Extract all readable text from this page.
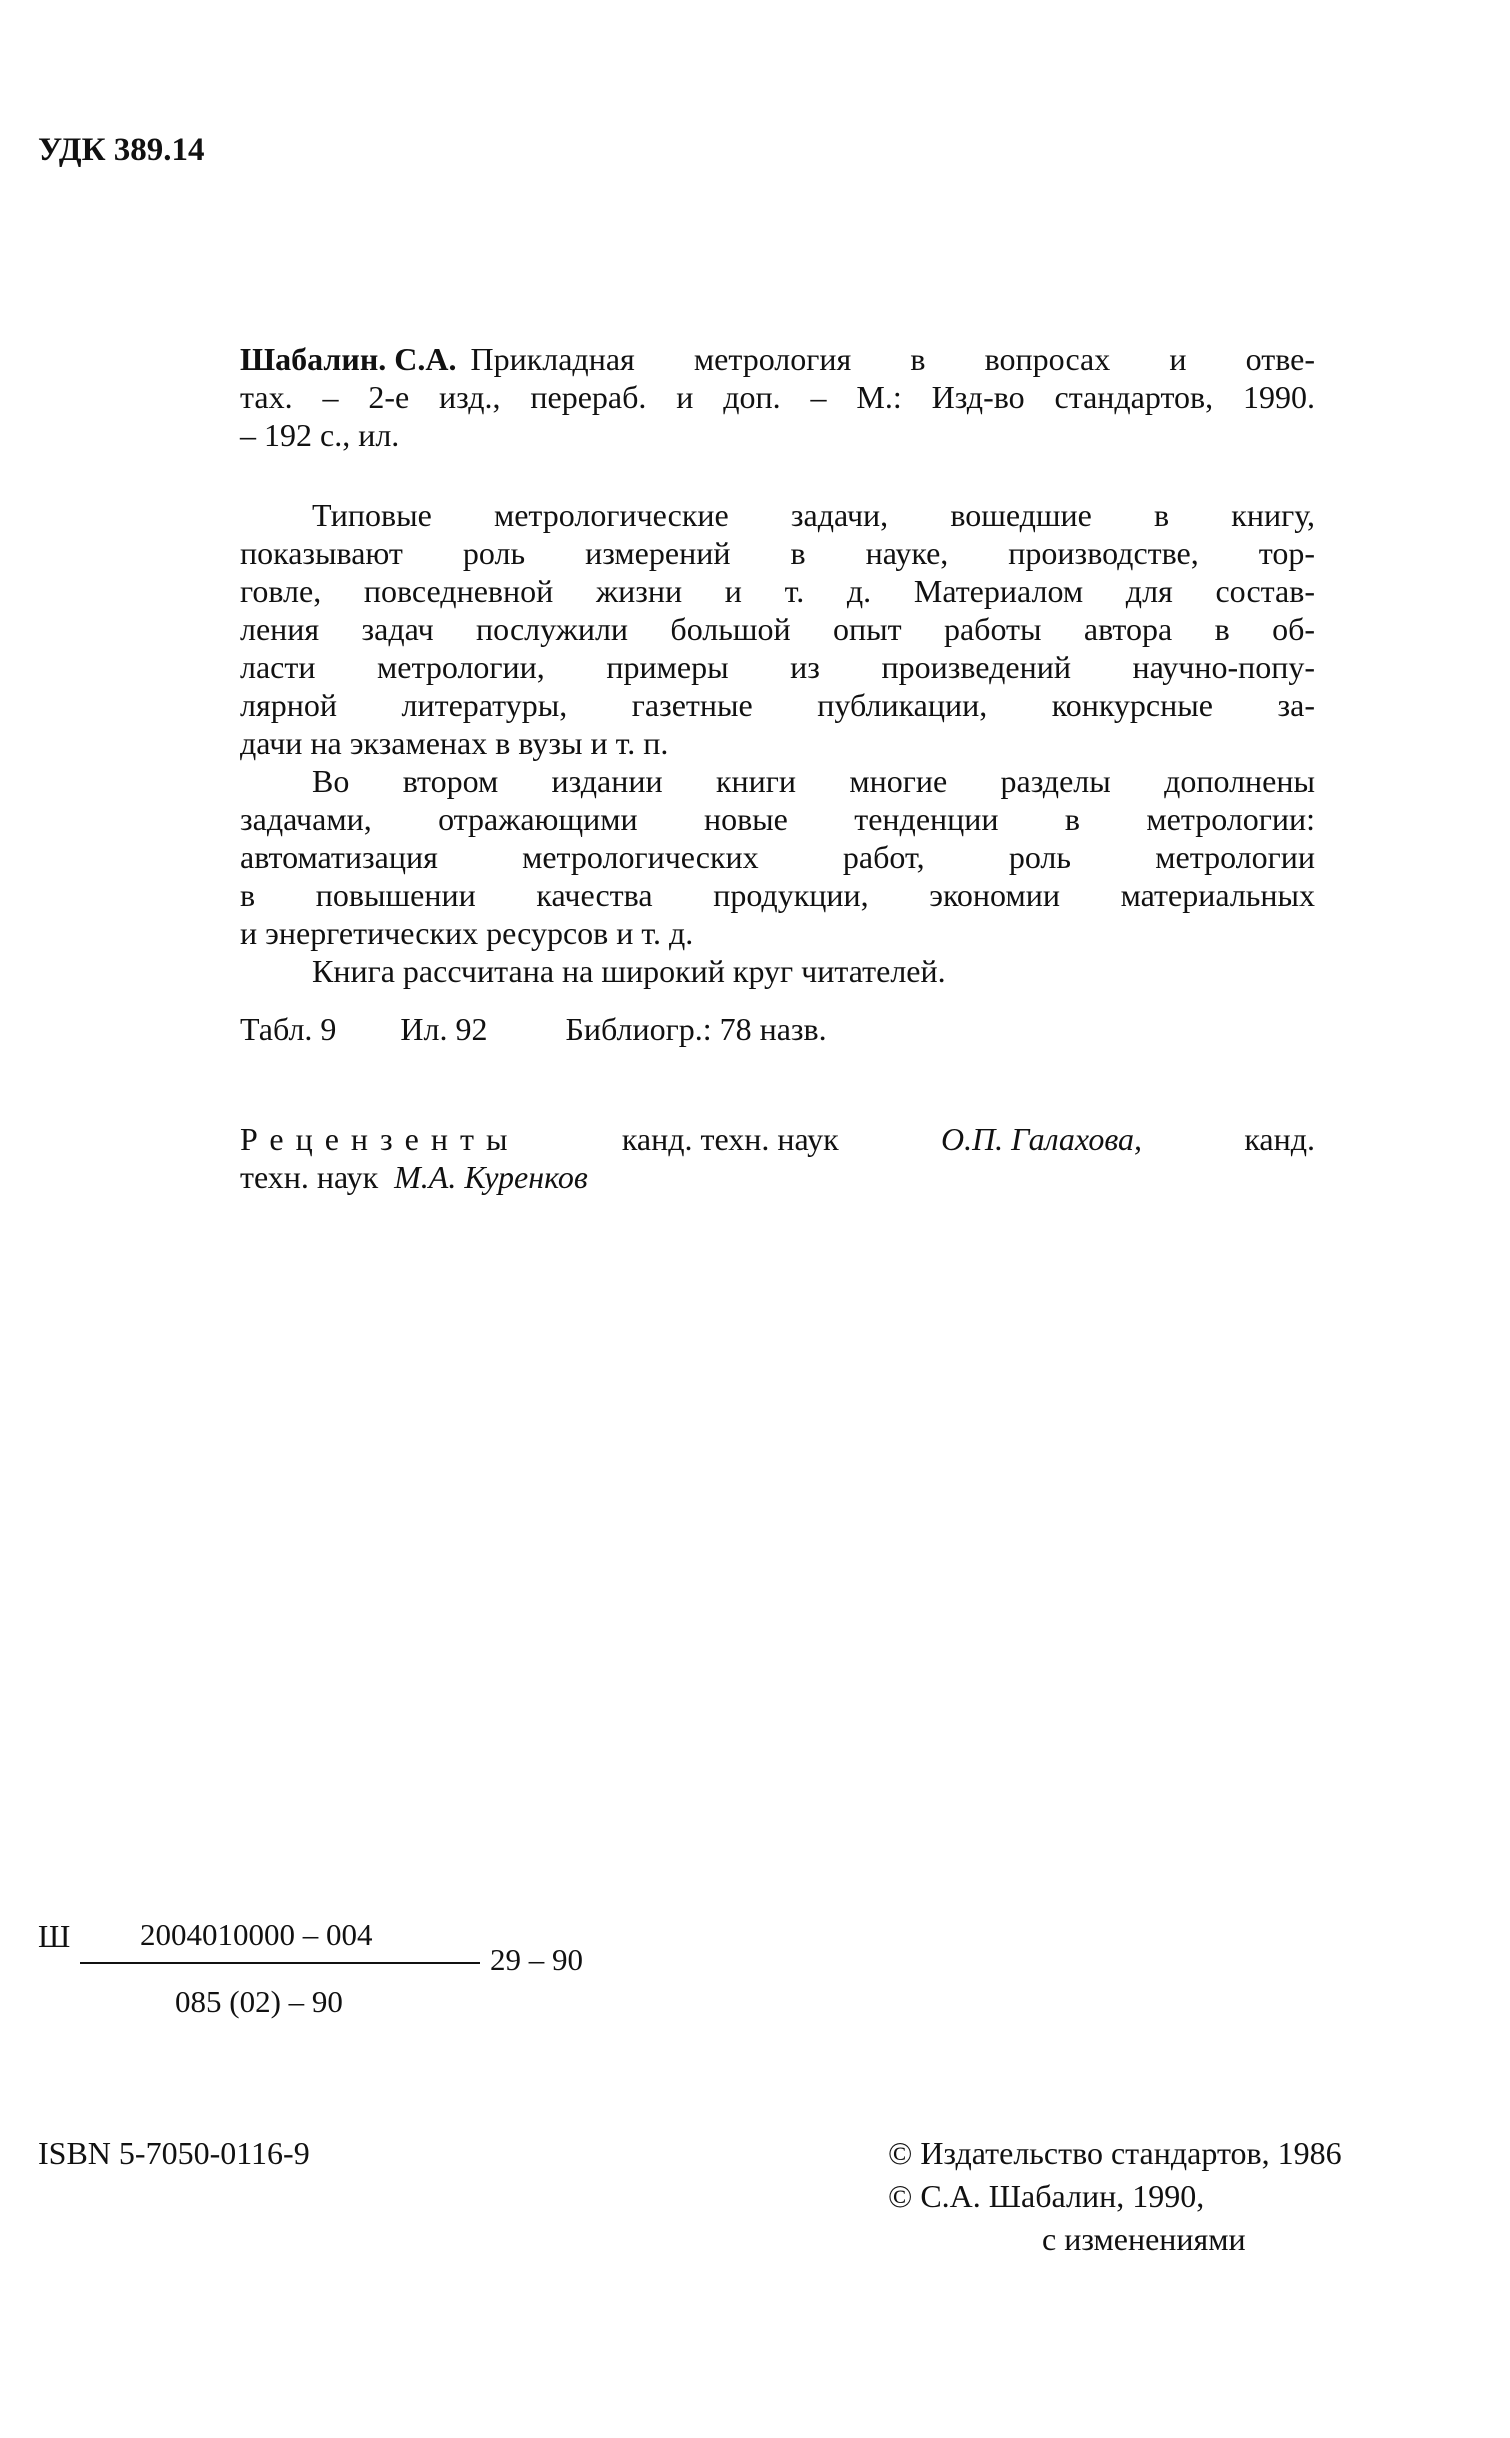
УДК 389.14
Шабалин. С.А. Прикладная метрология в вопросах и отве-
тах. – 2-е изд., перераб. и доп. – М.: Изд-во стандартов, 1990.
– 192 с., ил.
Типовые метрологические задачи, вошедшие в книгу,
показывают роль измерений в науке, производстве, тор-
говле, повседневной жизни и т. д. Материалом для состав-
ления задач послужили большой опыт работы автора в об-
ласти метрологии, примеры из произведений научно-попу-
лярной литературы, газетные публикации, конкурсные за-
дачи на экзаменах в вузы и т. п.
Во втором издании книги многие разделы дополнены
задачами, отражающими новые тенденции в метрологии:
автоматизация метрологических работ, роль метрологии
в повышении качества продукции, экономии материальных
и энергетических ресурсов и т. д.
Книга рассчитана на широкий круг читателей.
Табл. 9 Ил. 92 Библиогр.: 78 назв.
Рецензенты	канд. техн. наук	О.П. Галахова,	канд.
техн. наук М.А. Куренков
Ш 2004010000 – 004
085 (02) – 90
29 – 90
ISBN 5-7050-0116-9	© Издательство стандартов, 1986
© С.А. Шабалин, 1990,
с изменениями
